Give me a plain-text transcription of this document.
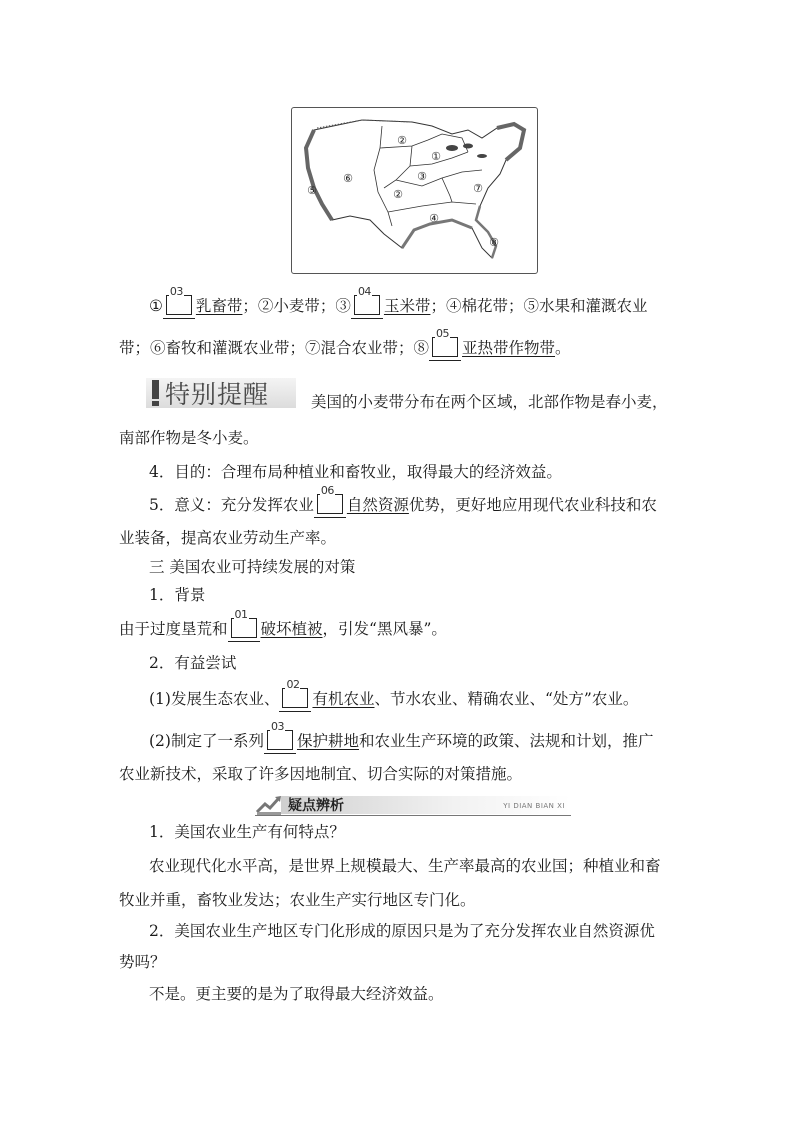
①
②
②
③
④
⑤
⑥
⑦
⑧
①
03
乳畜带；②小麦带；③
04
玉米带；④棉花带；⑤水果和灌溉农业
带；⑥畜牧和灌溉农业带；⑦混合农业带；⑧
05
亚热带作物带。
特别提醒	美国的小麦带分布在两个区域，北部作物是春小麦，
南部作物是冬小麦。
4．目的：合理布局种植业和畜牧业，取得最大的经济效益。
5．意义：充分发挥农业
06
自然资源优势，更好地应用现代农业科技和农
业装备，提高农业劳动生产率。
三 美国农业可持续发展的对策
1．背景
由于过度垦荒和
01
破坏植被，引发“黑风暴”。
2．有益尝试
(1)发展生态农业、
02
有机农业、节水农业、精确农业、“处方”农业。
(2)制定了一系列
03
保护耕地和农业生产环境的政策、法规和计划，推广
农业新技术，采取了许多因地制宜、切合实际的对策措施。
疑点辨析	YI DIAN BIAN XI
1．美国农业生产有何特点？
农业现代化水平高，是世界上规模最大、生产率最高的农业国；种植业和畜
牧业并重，畜牧业发达；农业生产实行地区专门化。
2．美国农业生产地区专门化形成的原因只是为了充分发挥农业自然资源优
势吗？
不是。更主要的是为了取得最大经济效益。
